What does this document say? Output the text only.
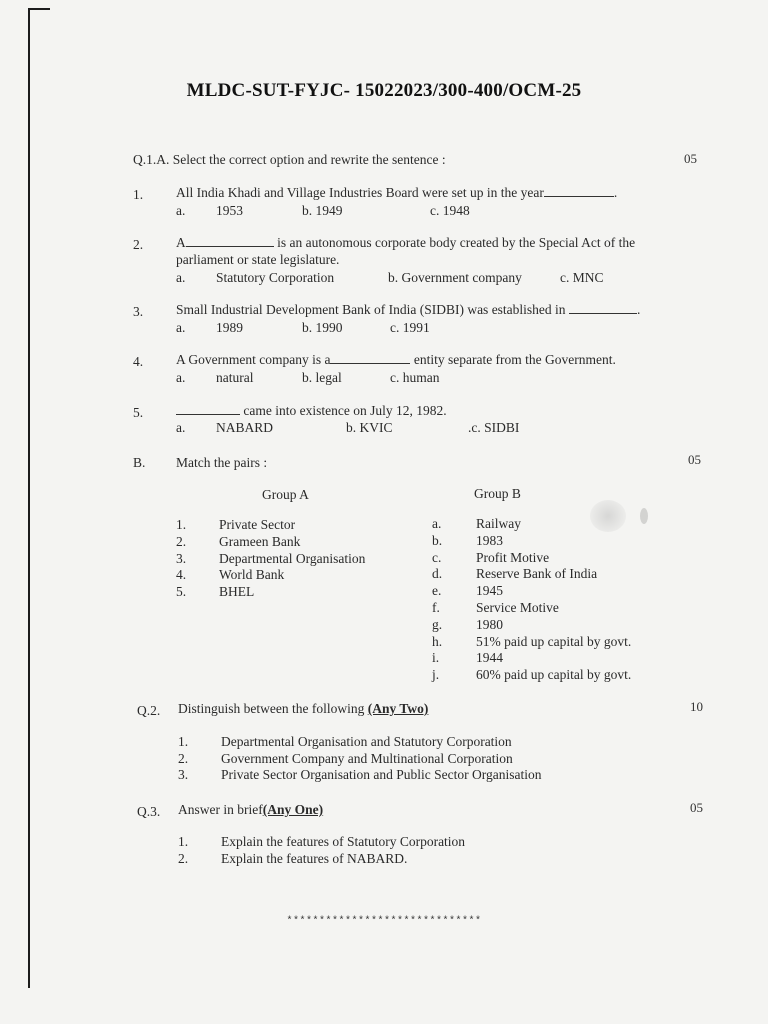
MLDC-SUT-FYJC- 15022023/300-400/OCM-25
Q.1.A. Select the correct option and rewrite the sentence :	05
1. All India Khadi and Village Industries Board were set up in the year	.
a. 1953	b. 1949	c. 1948
2. A	is an autonomous corporate body created by the Special Act of the
parliament or state legislature.
a. Statutory Corporation	b. Government company	c. MNC
3. Small Industrial Development Bank of India (SIDBI) was established in	.
a. 1989	b. 1990	c. 1991
4. A Government company is a	entity separate from the Government.
a. natural	b. legal	c. human
5.	came into existence on July 12, 1982.
a. NABARD	b. KVIC	.c. SIDBI
B. Match the pairs :	05
Group A	Group B
1. Private Sector
2. Grameen Bank
3. Departmental Organisation
4. World Bank
5. BHEL
a.	Railway
b.	1983
c.	Profit Motive
d.	Reserve Bank of India
e.	1945
f.	Service Motive
g.	1980
h.	51% paid up capital by govt.
i.	1944
j.	60% paid up capital by govt.
Q.2. Distinguish between the following (Any Two)	10
1. Departmental Organisation and Statutory Corporation
2. Government Company and Multinational Corporation
3. Private Sector Organisation and Public Sector Organisation
Q.3. Answer in brief(Any One)	05
1. Explain the features of Statutory Corporation
2. Explain the features of NABARD.
******************************
